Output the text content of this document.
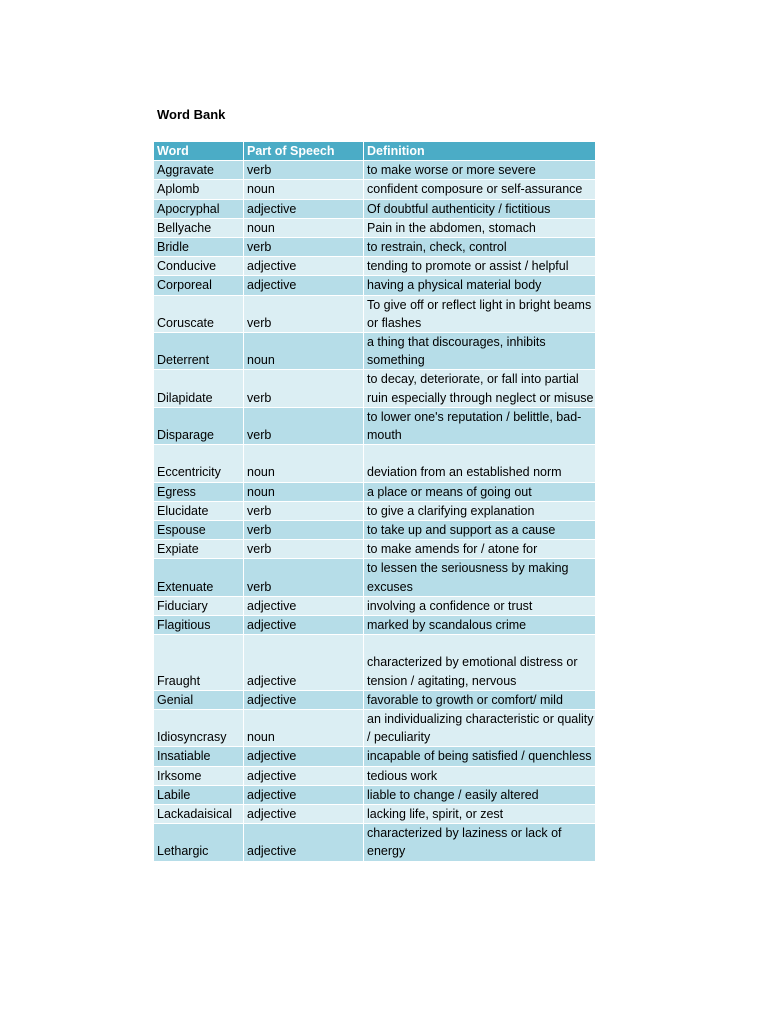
Word Bank
Word	Part of Speech	Definition
Aggravate	verb	to make worse or more severe
Aplomb	noun	confident composure or self-assurance
Apocryphal	adjective	Of doubtful authenticity / fictitious
Bellyache	noun	Pain in the abdomen, stomach
Bridle	verb	to restrain, check, control
Conducive	adjective	tending to promote or assist / helpful
Corporeal	adjective	having a physical material body
Coruscate	verb	To give off or reflect light in bright beams or flashes
Deterrent	noun	a thing that discourages, inhibits something
Dilapidate	verb	to decay, deteriorate, or fall into partial ruin especially through neglect or misuse
Disparage	verb	to lower one's reputation / belittle, bad-mouth
Eccentricity	noun	deviation from an established norm
Egress	noun	a place or means of going out
Elucidate	verb	to give a clarifying explanation
Espouse	verb	to take up and support as a cause
Expiate	verb	to make amends for / atone for
Extenuate	verb	to lessen the seriousness by making excuses
Fiduciary	adjective	involving a confidence or trust
Flagitious	adjective	marked by scandalous crime
Fraught	adjective	characterized by emotional distress or tension / agitating, nervous
Genial	adjective	favorable to growth or comfort/ mild
Idiosyncrasy	noun	an individualizing characteristic or quality / peculiarity
Insatiable	adjective	incapable of being satisfied / quenchless
Irksome	adjective	tedious work
Labile	adjective	liable to change / easily altered
Lackadaisical	adjective	lacking life, spirit, or zest
Lethargic	adjective	characterized by laziness or lack of energy
